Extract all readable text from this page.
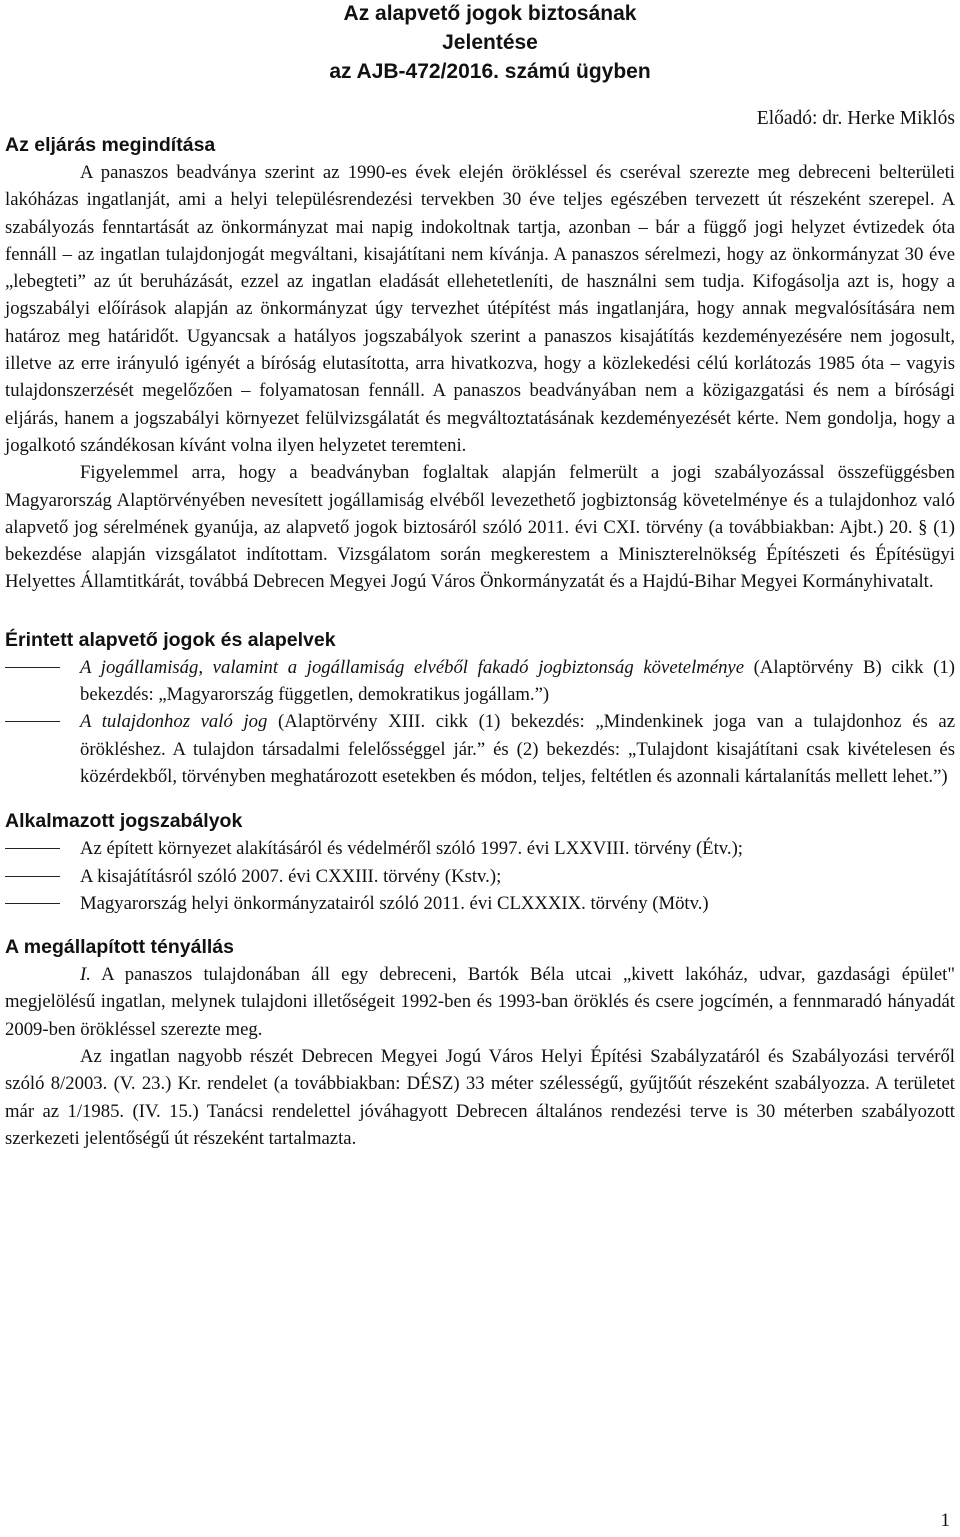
Az alapvető jogok biztosának
Jelentése
az AJB-472/2016. számú ügyben
Előadó: dr. Herke Miklós
Az eljárás megindítása

A panaszos beadványa szerint az 1990-es évek elején örökléssel és cseréval szerezte meg debreceni belterületi lakóházas ingatlanját, ami a helyi településrendezési tervekben 30 éve teljes egészében tervezett út részeként szerepel. A szabályozás fenntartását az önkormányzat mai napig indokoltnak tartja, azonban – bár a függő jogi helyzet évtizedek óta fennáll – az ingatlan tulajdonjogát megváltani, kisajátítani nem kívánja. A panaszos sérelmezi, hogy az önkormányzat 30 éve „lebegteti” az út beruházását, ezzel az ingatlan eladását ellehetetleníti, de használni sem tudja. Kifogásolja azt is, hogy a jogszabályi előírások alapján az önkormányzat úgy tervezhet útépítést más ingatlanjára, hogy annak megvalósítására nem határoz meg határidőt. Ugyancsak a hatályos jogszabályok szerint a panaszos kisajátítás kezdeményezésére nem jogosult, illetve az erre irányuló igényét a bíróság elutasította, arra hivatkozva, hogy a közlekedési célú korlátozás 1985 óta – vagyis tulajdonszerzését megelőzően – folyamatosan fennáll. A panaszos beadványában nem a közigazgatási és nem a bírósági eljárás, hanem a jogszabályi környezet felülvizsgálatát és megváltoztatásának kezdeményezését kérte. Nem gondolja, hogy a jogalkotó szándékosan kívánt volna ilyen helyzetet teremteni.

Figyelemmel arra, hogy a beadványban foglaltak alapján felmerült a jogi szabályozással összefüggésben Magyarország Alaptörvényében nevesített jogállamiság elvéből levezethető jogbiztonság követelménye és a tulajdonhoz való alapvető jog sérelmének gyanúja, az alapvető jogok biztosáról szóló 2011. évi CXI. törvény (a továbbiakban: Ajbt.) 20. § (1) bekezdése alapján vizsgálatot indítottam. Vizsgálatom során megkerestem a Miniszterelnökség Építészeti és Építésügyi Helyettes Államtitkárát, továbbá Debrecen Megyei Jogú Város Önkormányzatát és a Hajdú-Bihar Megyei Kormányhivatalt.

Érintett alapvető jogok és alapelvek
A jogállamiság, valamint a jogállamiság elvéből fakadó jogbiztonság követelménye (Alaptörvény B) cikk (1) bekezdés: „Magyarország független, demokratikus jogállam.”)
A tulajdonhoz való jog (Alaptörvény XIII. cikk (1) bekezdés: „Mindenkinek joga van a tulajdonhoz és az örökléshez. A tulajdon társadalmi felelősséggel jár.” és (2) bekezdés: „Tulajdont kisajátítani csak kivételesen és közérdekből, törvényben meghatározott esetekben és módon, teljes, feltétlen és azonnali kártalanítás mellett lehet.”)
Alkalmazott jogszabályok
Az épített környezet alakításáról és védelméről szóló 1997. évi LXXVIII. törvény (Étv.);
A kisajátításról szóló 2007. évi CXXIII. törvény (Kstv.);
Magyarország helyi önkormányzatairól szóló 2011. évi CLXXXIX. törvény (Mötv.)
A megállapított tényállás

I. A panaszos tulajdonában áll egy debreceni, Bartók Béla utcai „kivett lakóház, udvar, gazdasági épület" megjelölésű ingatlan, melynek tulajdoni illetőségeit 1992-ben és 1993-ban öröklés és csere jogcímén, a fennmaradó hányadát 2009-ben örökléssel szerezte meg.

Az ingatlan nagyobb részét Debrecen Megyei Jogú Város Helyi Építési Szabályzatáról és Szabályozási tervéről szóló 8/2003. (V. 23.) Kr. rendelet (a továbbiakban: DÉSZ) 33 méter szélességű, gyűjtőút részeként szabályozza. A területet már az 1/1985. (IV. 15.) Tanácsi rendelettel jóváhagyott Debrecen általános rendezési terve is 30 méterben szabályozott szerkezeti jelentőségű út részeként tartalmazta.

1
